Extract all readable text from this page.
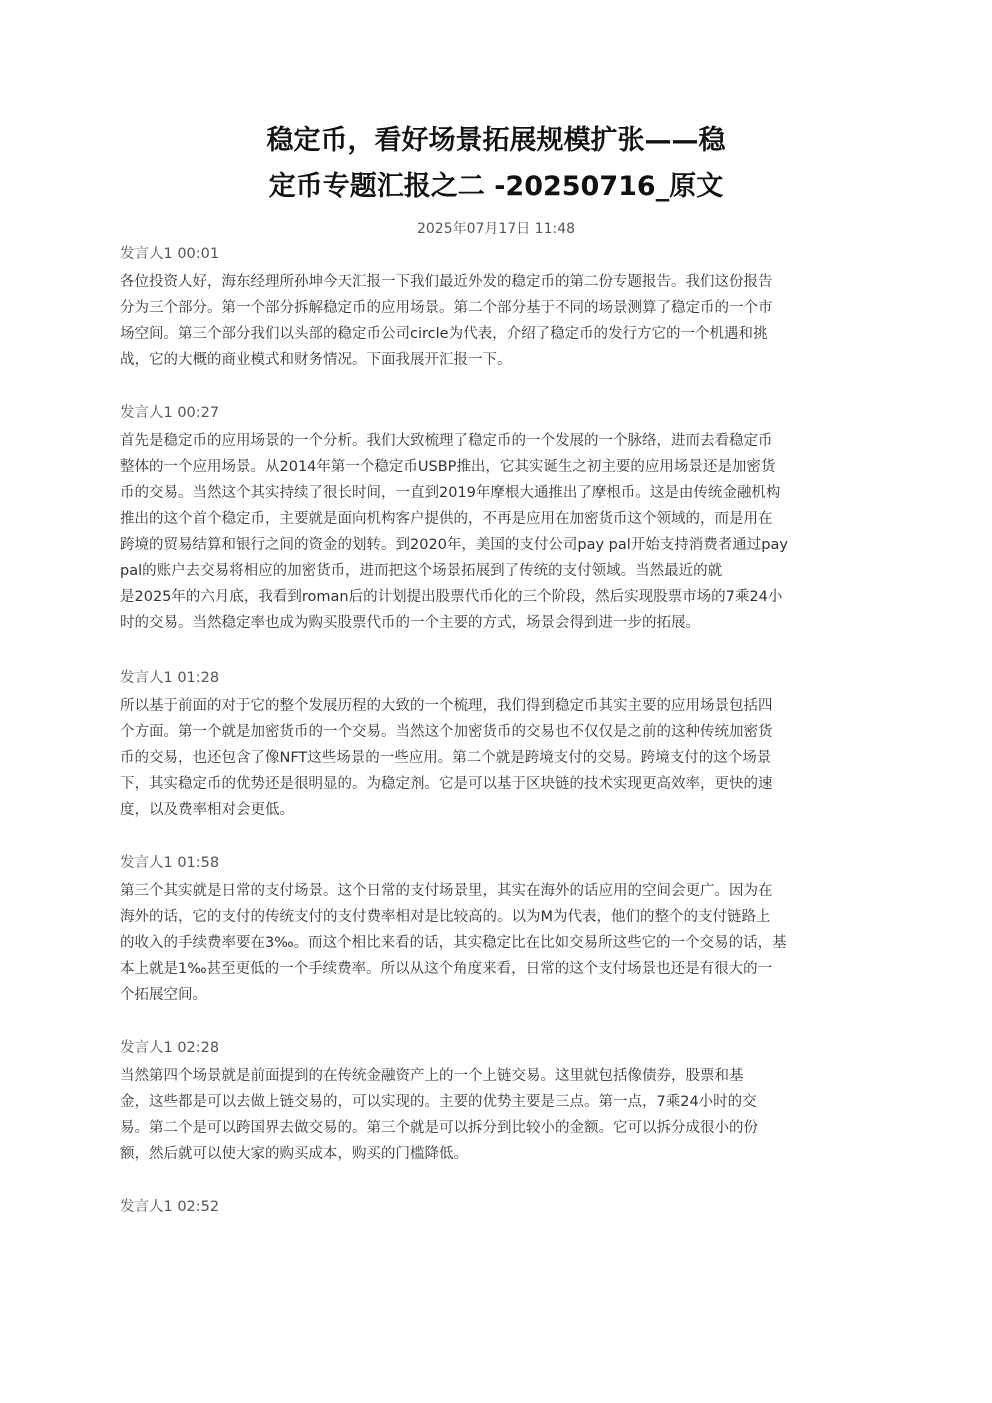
稳定币，看好场景拓展规模扩张——稳
定币专题汇报之二 -20250716_原文
2025年07月17日 11:48
发言人1 00:01
各位投资人好，海东经理所孙坤今天汇报一下我们最近外发的稳定币的第二份专题报告。我们这份报告
分为三个部分。第一个部分拆解稳定币的应用场景。第二个部分基于不同的场景测算了稳定币的一个市
场空间。第三个部分我们以头部的稳定币公司circle为代表，介绍了稳定币的发行方它的一个机遇和挑
战，它的大概的商业模式和财务情况。下面我展开汇报一下。
发言人1 00:27
首先是稳定币的应用场景的一个分析。我们大致梳理了稳定币的一个发展的一个脉络，进而去看稳定币
整体的一个应用场景。从2014年第一个稳定币USBP推出，它其实诞生之初主要的应用场景还是加密货
币的交易。当然这个其实持续了很长时间，一直到2019年摩根大通推出了摩根币。这是由传统金融机构
推出的这个首个稳定币，主要就是面向机构客户提供的，不再是应用在加密货币这个领域的，而是用在
跨境的贸易结算和银行之间的资金的划转。到2020年，美国的支付公司pay pal开始支持消费者通过pay
pal的账户去交易将相应的加密货币，进而把这个场景拓展到了传统的支付领域。当然最近的就
是2025年的六月底，我看到roman后的计划提出股票代币化的三个阶段，然后实现股票市场的7乘24小
时的交易。当然稳定率也成为购买股票代币的一个主要的方式，场景会得到进一步的拓展。
发言人1 01:28
所以基于前面的对于它的整个发展历程的大致的一个梳理，我们得到稳定币其实主要的应用场景包括四
个方面。第一个就是加密货币的一个交易。当然这个加密货币的交易也不仅仅是之前的这种传统加密货
币的交易，也还包含了像NFT这些场景的一些应用。第二个就是跨境支付的交易。跨境支付的这个场景
下，其实稳定币的优势还是很明显的。为稳定剂。它是可以基于区块链的技术实现更高效率，更快的速
度，以及费率相对会更低。
发言人1 01:58
第三个其实就是日常的支付场景。这个日常的支付场景里，其实在海外的话应用的空间会更广。因为在
海外的话，它的支付的传统支付的支付费率相对是比较高的。以为M为代表，他们的整个的支付链路上
的收入的手续费率要在3‰。而这个相比来看的话，其实稳定比在比如交易所这些它的一个交易的话，基
本上就是1‰甚至更低的一个手续费率。所以从这个角度来看，日常的这个支付场景也还是有很大的一
个拓展空间。
发言人1 02:28
当然第四个场景就是前面提到的在传统金融资产上的一个上链交易。这里就包括像债券，股票和基
金，这些都是可以去做上链交易的，可以实现的。主要的优势主要是三点。第一点，7乘24小时的交
易。第二个是可以跨国界去做交易的。第三个就是可以拆分到比较小的金额。它可以拆分成很小的份
额，然后就可以使大家的购买成本，购买的门槛降低。
发言人1 02:52
